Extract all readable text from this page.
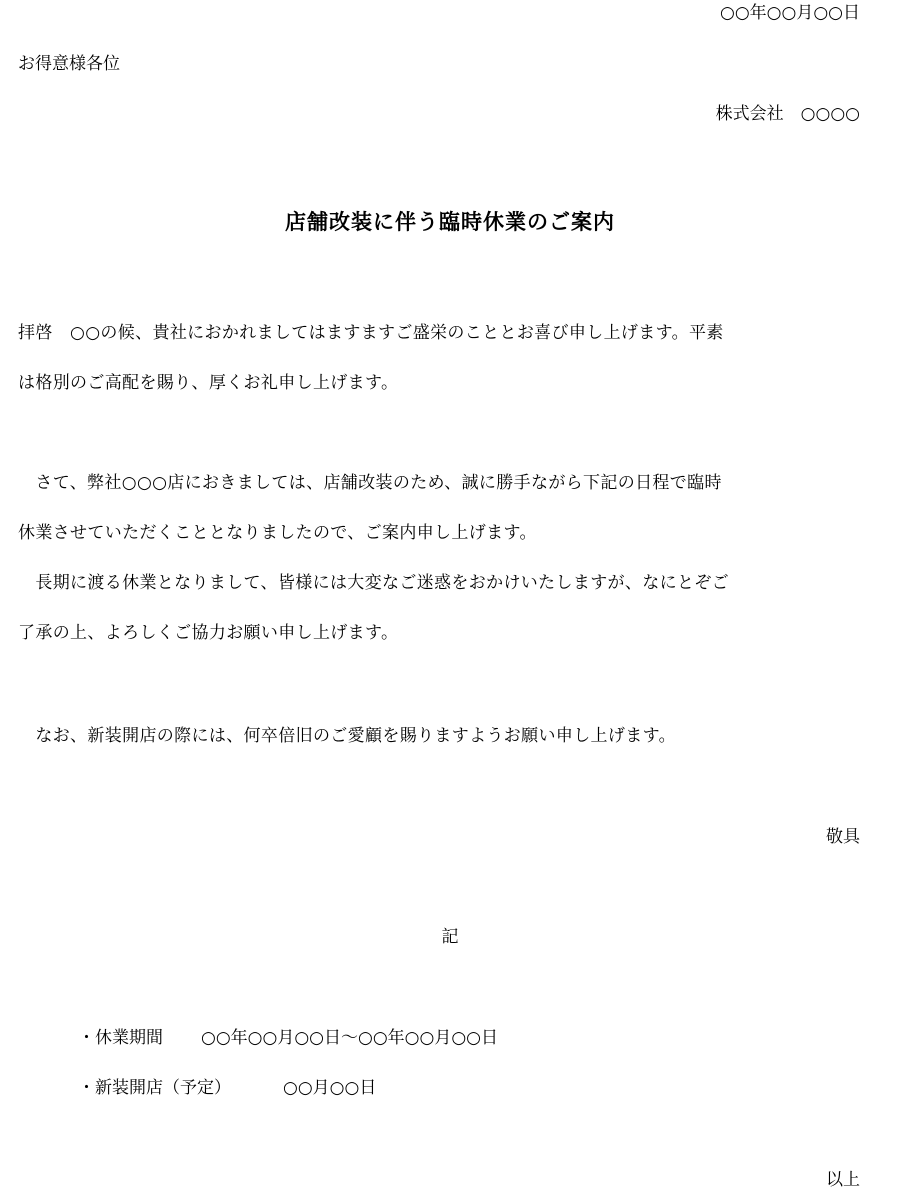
○○年○○月○○日

お得意様各位

株式会社　○○○○

店舗改装に伴う臨時休業のご案内

拝啓　○○の候、貴社におかれましてはますますご盛栄のこととお喜び申し上げます。平素

は格別のご高配を賜り、厚くお礼申し上げます。

　さて、弊社○○○店におきましては、店舗改装のため、誠に勝手ながら下記の日程で臨時

休業させていただくこととなりましたので、ご案内申し上げます。

　長期に渡る休業となりまして、皆様には大変なご迷惑をおかけいたしますが、なにとぞご

了承の上、よろしくご協力お願い申し上げます。

　なお、新装開店の際には、何卒倍旧のご愛顧を賜りますようお願い申し上げます。

敬具

記

・休業期間 ○○年○○月○○日～○○年○○月○○日
・新装開店（予定）	○○月○○日

以上
